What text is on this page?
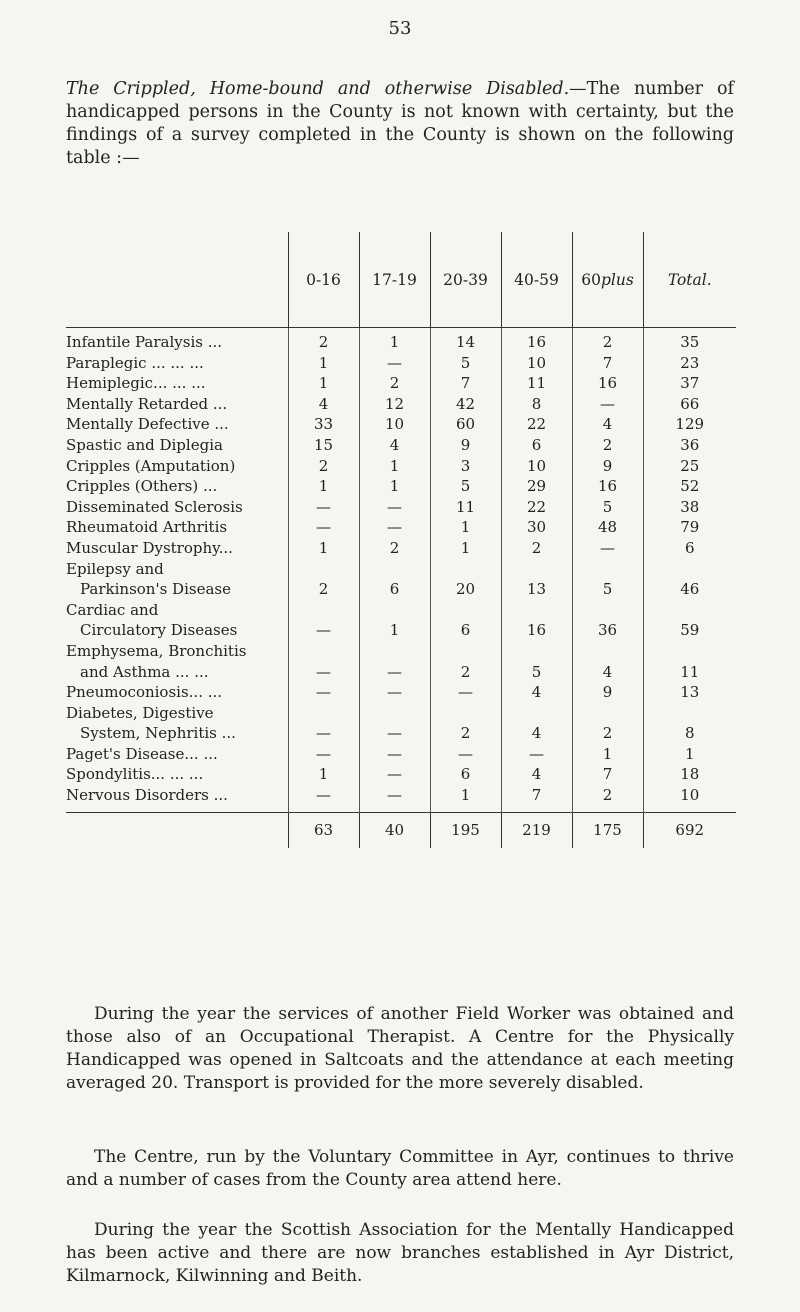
53

The Crippled, Home-bound and otherwise Disabled.—The number of handicapped persons in the County is not known with certainty, but the findings of a survey completed in the County is shown on the following table :—

	0-16	17-19	20-39	40-59	60plus	Total.
Infantile Paralysis ...	2	1	14	16	2	35
Paraplegic ... ... ...	1	—	5	10	7	23
Hemiplegic... ... ...	1	2	7	11	16	37
Mentally Retarded ...	4	12	42	8	—	66
Mentally Defective ...	33	10	60	22	4	129
Spastic and Diplegia	15	4	9	6	2	36
Cripples (Amputation)	2	1	3	10	9	25
Cripples (Others) ...	1	1	5	29	16	52
Disseminated Sclerosis	—	—	11	22	5	38
Rheumatoid Arthritis	—	—	1	30	48	79
Muscular Dystrophy...	1	2	1	2	—	6
Epilepsy and						
Parkinson's Disease	2	6	20	13	5	46
Cardiac and						
Circulatory Diseases	—	1	6	16	36	59
Emphysema, Bronchitis						
and Asthma ... ...	—	—	2	5	4	11
Pneumoconiosis... ...	—	—	—	4	9	13
Diabetes, Digestive						
System, Nephritis ...	—	—	2	4	2	8
Paget's Disease... ...	—	—	—	—	1	1
Spondylitis... ... ...	1	—	6	4	7	18
Nervous Disorders ...	—	—	1	7	2	10
	63	40	195	219	175	692

During the year the services of another Field Worker was obtained and those also of an Occupational Therapist. A Centre for the Physically Handicapped was opened in Saltcoats and the attendance at each meeting averaged 20. Transport is provided for the more severely disabled.

The Centre, run by the Voluntary Committee in Ayr, continues to thrive and a number of cases from the County area attend here.

During the year the Scottish Association for the Mentally Handicapped has been active and there are now branches established in Ayr District, Kilmarnock, Kilwinning and Beith.
